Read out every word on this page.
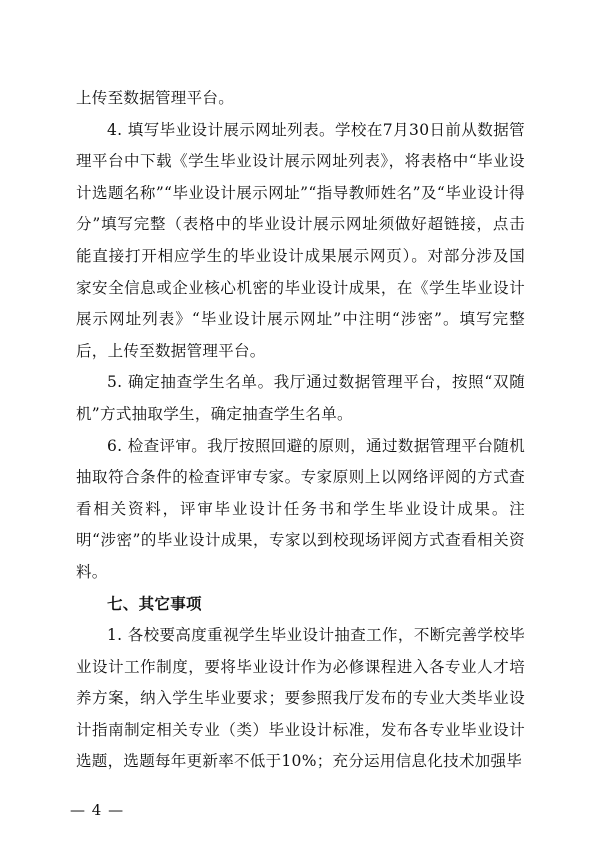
上传至数据管理平台。

4. 填写毕业设计展示网址列表。学校在7月30日前从数据管理平台中下载《学生毕业设计展示网址列表》，将表格中“毕业设计选题名称”“毕业设计展示网址”“指导教师姓名”及“毕业设计得分”填写完整（表格中的毕业设计展示网址须做好超链接，点击能直接打开相应学生的毕业设计成果展示网页）。对部分涉及国家安全信息或企业核心机密的毕业设计成果，在《学生毕业设计展示网址列表》“毕业设计展示网址”中注明“涉密”。填写完整后，上传至数据管理平台。

5. 确定抽查学生名单。我厅通过数据管理平台，按照“双随机”方式抽取学生，确定抽查学生名单。

6. 检查评审。我厅按照回避的原则，通过数据管理平台随机抽取符合条件的检查评审专家。专家原则上以网络评阅的方式查看相关资料，评审毕业设计任务书和学生毕业设计成果。注明“涉密”的毕业设计成果，专家以到校现场评阅方式查看相关资料。

七、其它事项

1. 各校要高度重视学生毕业设计抽查工作，不断完善学校毕业设计工作制度，要将毕业设计作为必修课程进入各专业人才培养方案，纳入学生毕业要求；要参照我厅发布的专业大类毕业设计指南制定相关专业（类）毕业设计标准，发布各专业毕业设计选题，选题每年更新率不低于10%；充分运用信息化技术加强毕

— 4 —
